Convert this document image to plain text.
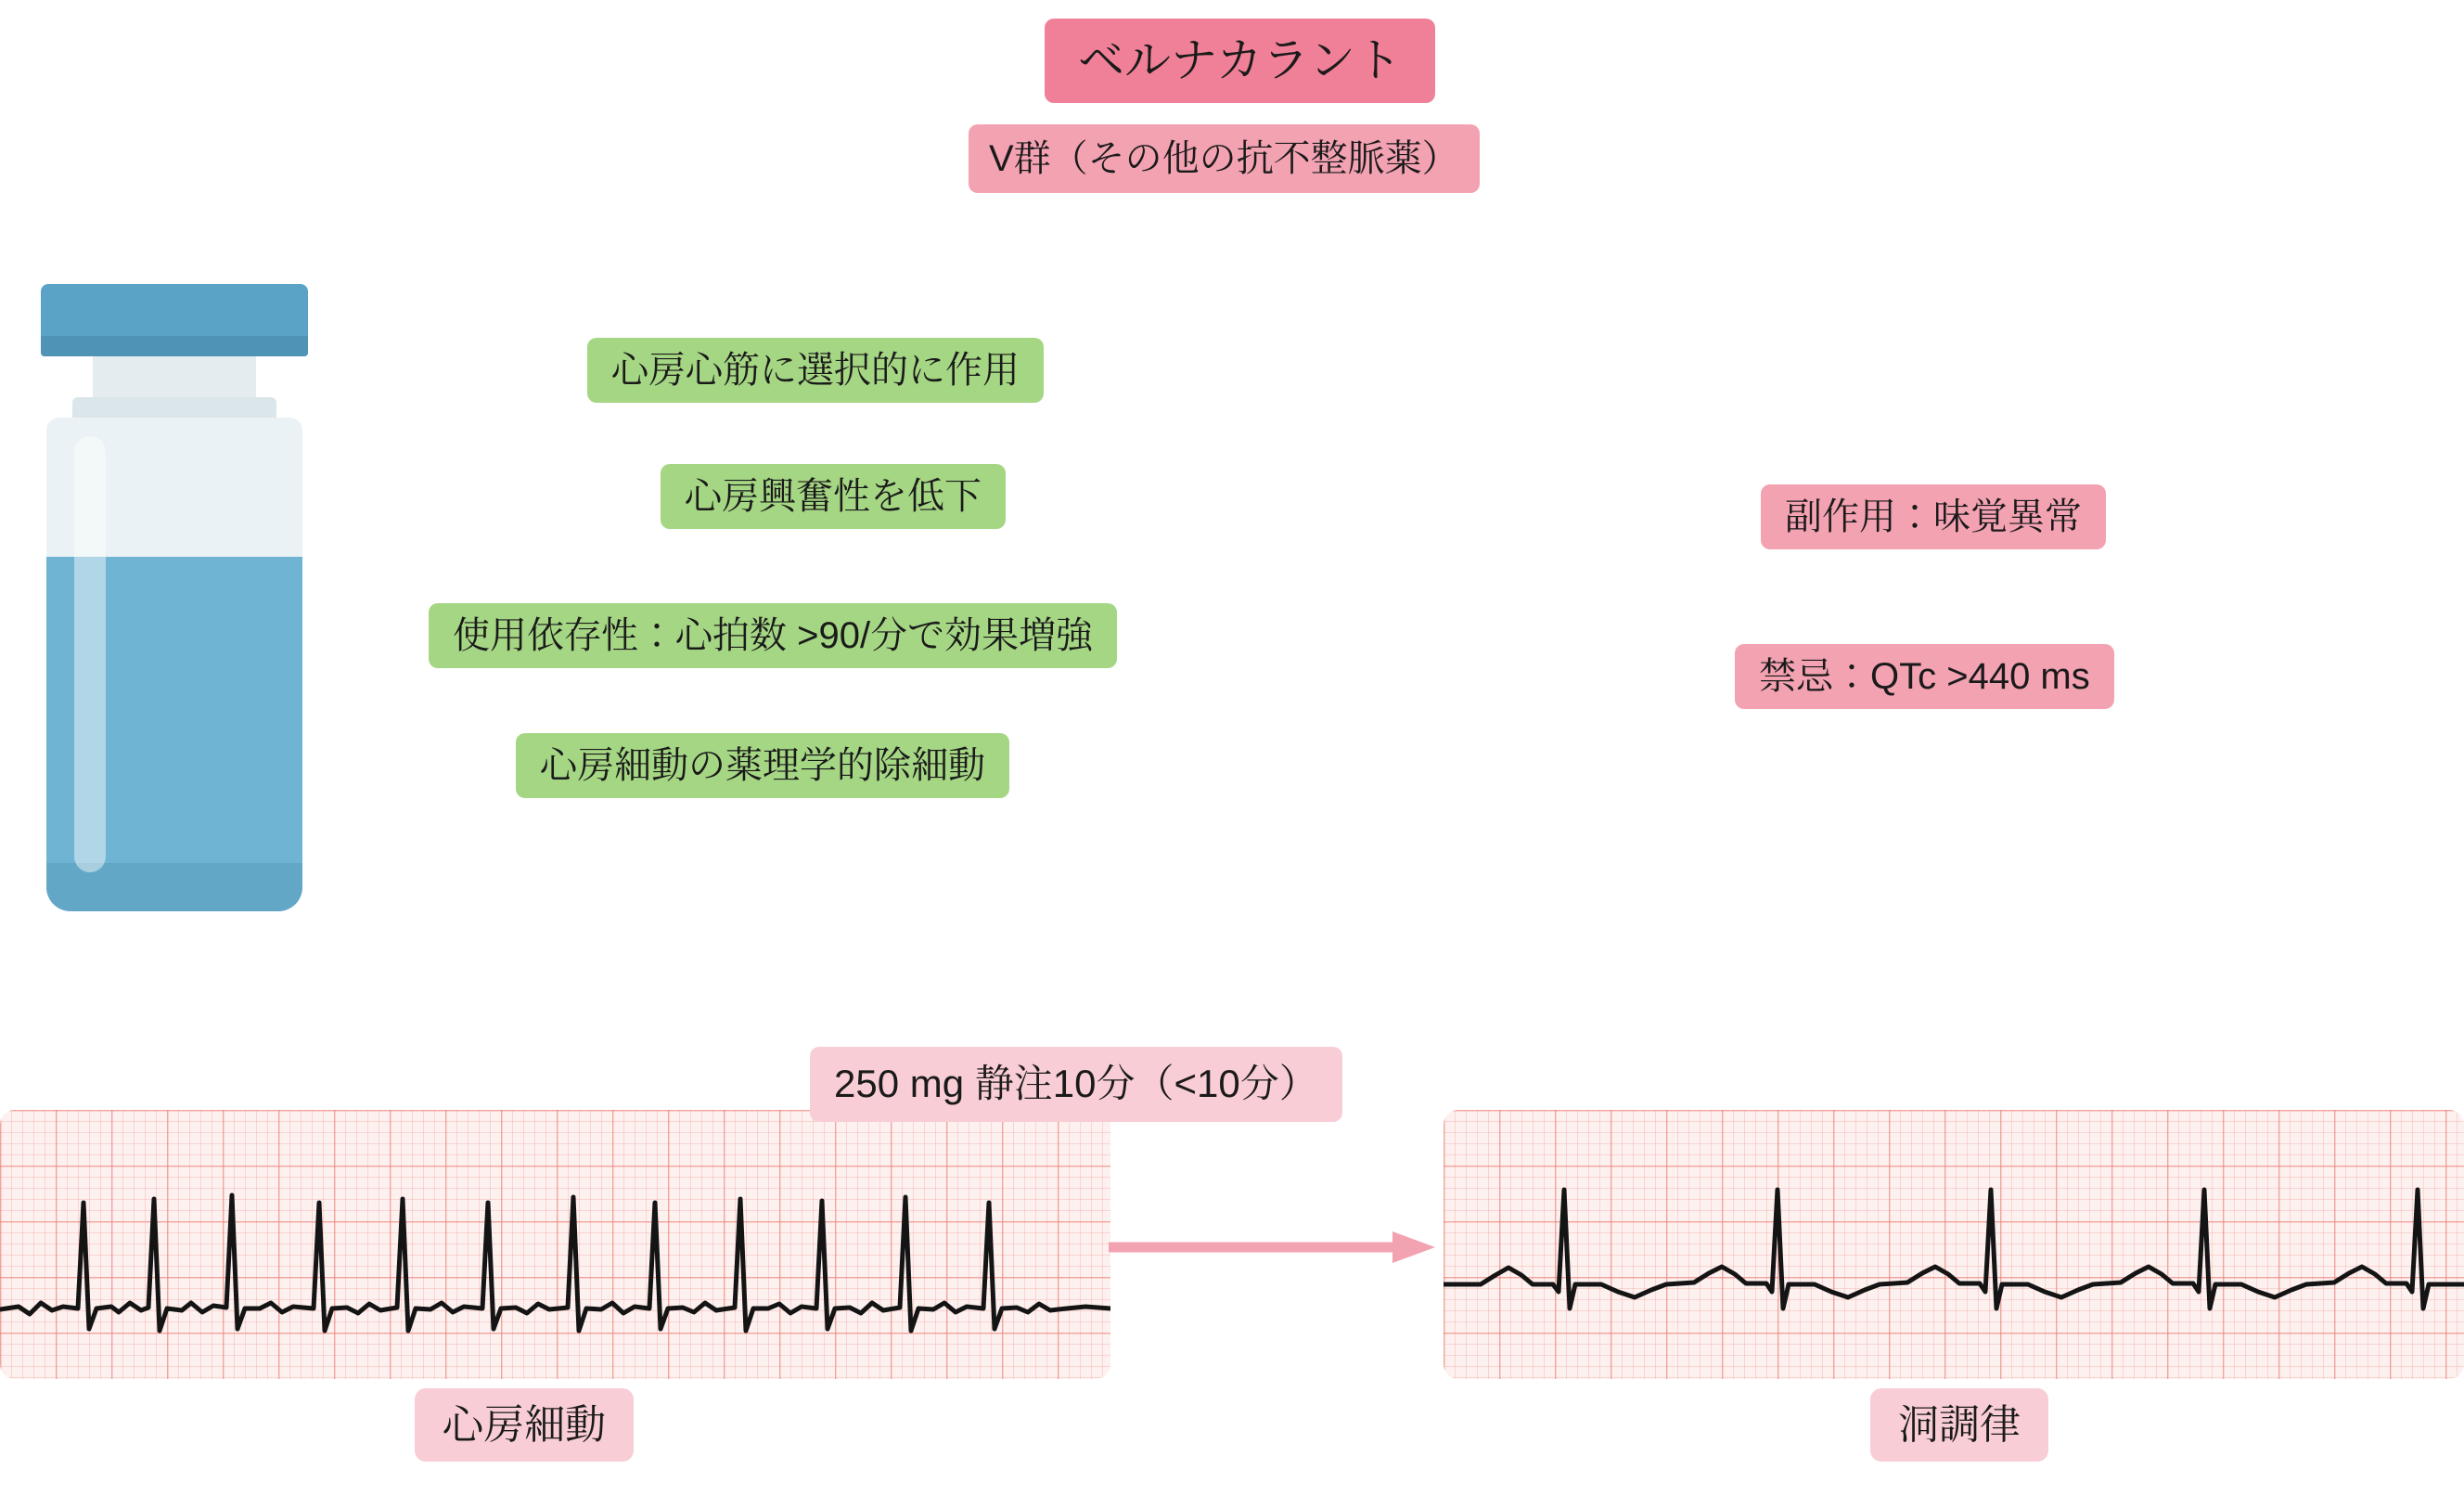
ベルナカラント
V群（その他の抗不整脈薬）
心房心筋に選択的に作用
心房興奮性を低下
使用依存性：心拍数 >90/分で効果増強
心房細動の薬理学的除細動
副作用：味覚異常
禁忌：QTc >440 ms
心房細動	洞調律
250 mg 静注10分（<10分）
